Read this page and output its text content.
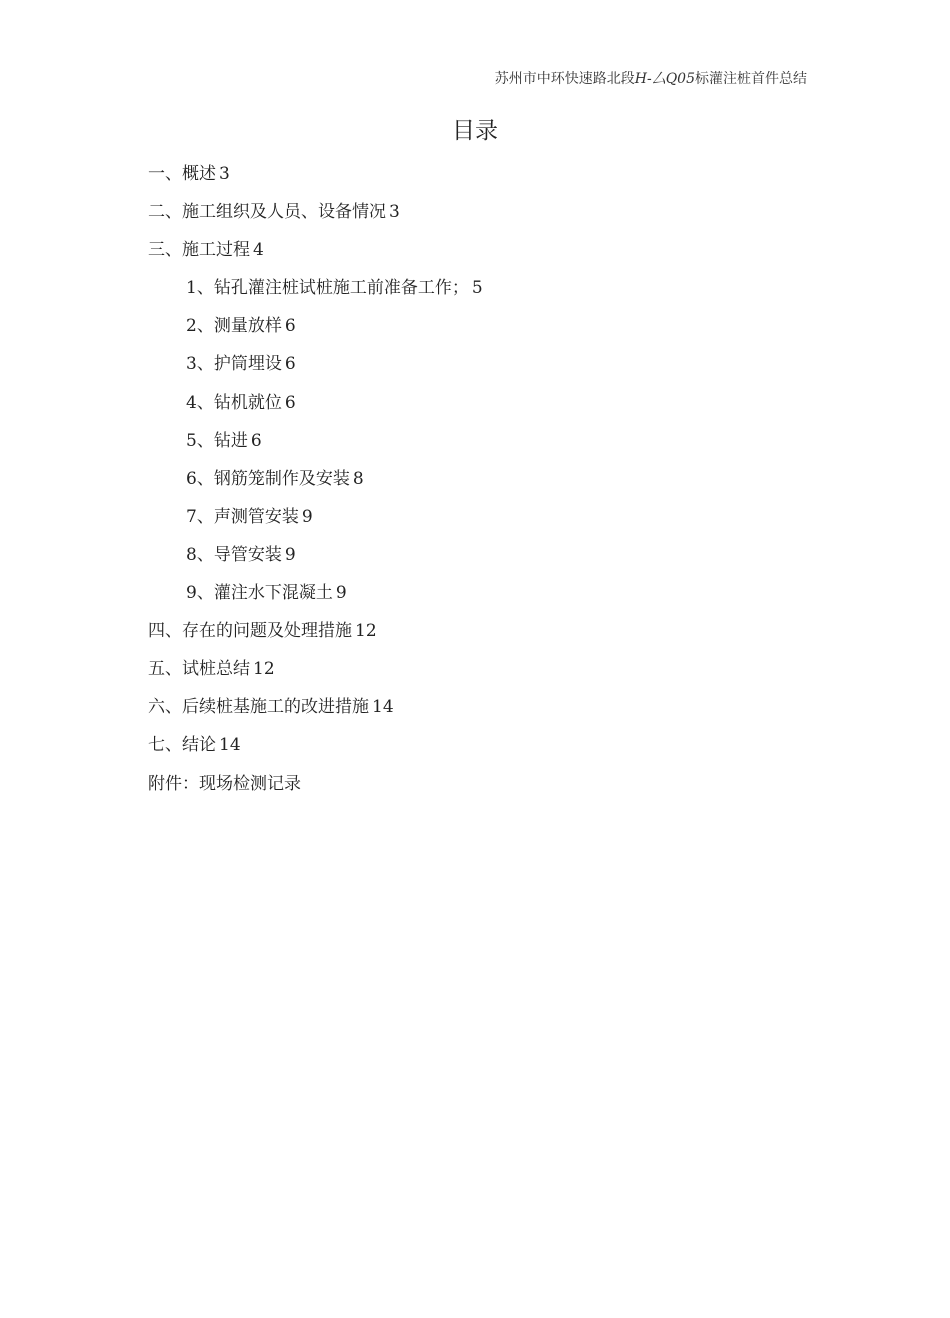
苏州市中环快速路北段H-厶Q05标灌注桩首件总结
目录
一、概述 3
二、施工组织及人员、设备情况 3
三、施工过程 4
1、钻孔灌注桩试桩施工前准备工作； 5
2、测量放样 6
3、护筒埋设 6
4、钻机就位 6
5、钻进 6
6、钢筋笼制作及安装 8
7、声测管安装 9
8、导管安装 9
9、灌注水下混凝土 9
四、存在的问题及处理措施 12
五、试桩总结 12
六、后续桩基施工的改进措施 14
七、结论 14
附件：现场检测记录
